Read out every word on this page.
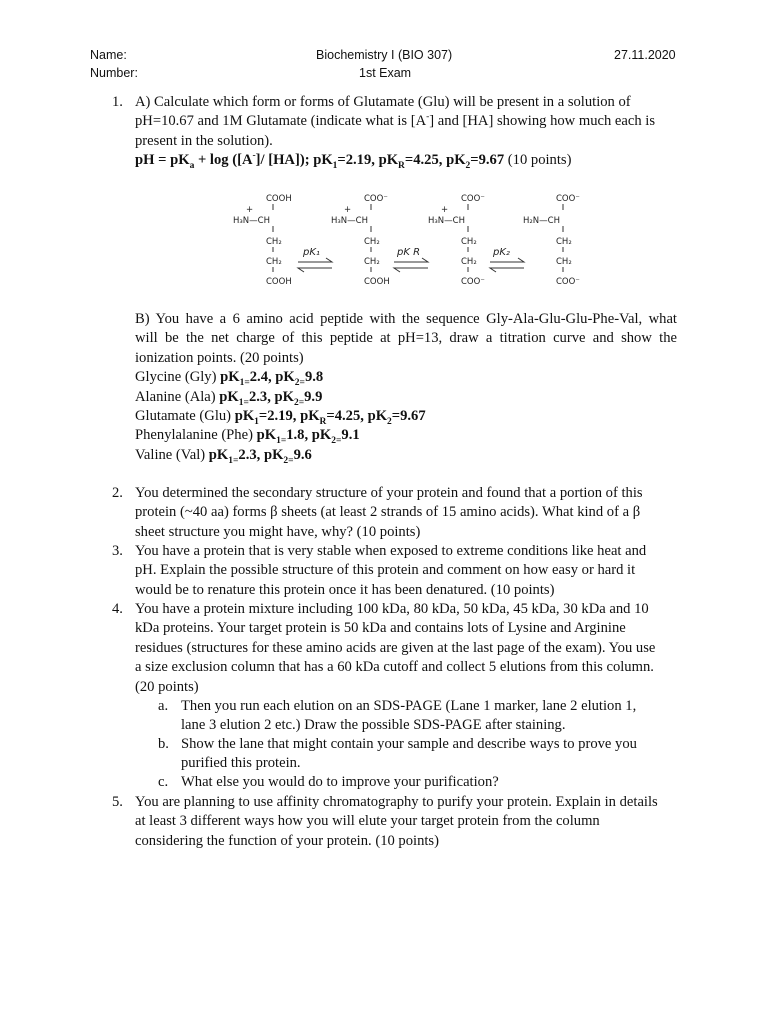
Name:
Number:
Biochemistry I (BIO 307)
1st Exam
27.11.2020
1. A) Calculate which form or forms of Glutamate (Glu) will be present in a solution of
pH=10.67 and 1M Glutamate (indicate what is [A-] and [HA] showing how much each is
present in the solution).
pH = $pK_a + \log ([A^-]/$ [HA]); $pK_1=2.19$, $pK_R=4.25$, $pK_2=9.67$ (10 points)
COOH
+
H₃N—CH
CH₂
CH₂
COOH
pK₁
COO⁻
+
H₃N—CH
CH₂
CH₂
COOH
pK R
COO⁻
+
H₃N—CH
CH₂
CH₂
COO⁻
pK₂
COO⁻
H₂N—CH
CH₂
CH₂
COO⁻
B) You have a 6 amino acid peptide with the sequence Gly-Ala-Glu-Glu-Phe-Val, what
will be the net charge of this peptide at pH=13, draw a titration curve and show the
ionization points. (20 points)
Glycine (Gly) $pK_{1=}2.4$, $pK_{2=}9.8$
Alanine (Ala) $pK_{1=}2.3$, $pK_{2=}9.9$
Glutamate (Glu) $pK_1=2.19$, $pK_R=4.25$, $pK_2=9.67$
Phenylalanine (Phe) $pK_{1=}1.8$, $pK_{2=}9.1$
Valine (Val) $pK_{1=}2.3$, $pK_{2=}9.6$
2. You determined the secondary structure of your protein and found that a portion of this
protein (~40 aa) forms β sheets (at least 2 strands of 15 amino acids). What kind of a β
sheet structure you might have, why? (10 points)
3. You have a protein that is very stable when exposed to extreme conditions like heat and
pH. Explain the possible structure of this protein and comment on how easy or hard it
would be to renature this protein once it has been denatured. (10 points)
4. You have a protein mixture including 100 kDa, 80 kDa, 50 kDa, 45 kDa, 30 kDa and 10
kDa proteins. Your target protein is 50 kDa and contains lots of Lysine and Arginine
residues (structures for these amino acids are given at the last page of the exam). You use
a size exclusion column that has a 60 kDa cutoff and collect 5 elutions from this column.
(20 points)
a. Then you run each elution on an SDS-PAGE (Lane 1 marker, lane 2 elution 1,
lane 3 elution 2 etc.) Draw the possible SDS-PAGE after staining.
b. Show the lane that might contain your sample and describe ways to prove you
purified this protein.
c. What else you would do to improve your purification?
5. You are planning to use affinity chromatography to purify your protein. Explain in details
at least 3 different ways how you will elute your target protein from the column
considering the function of your protein. (10 points)
